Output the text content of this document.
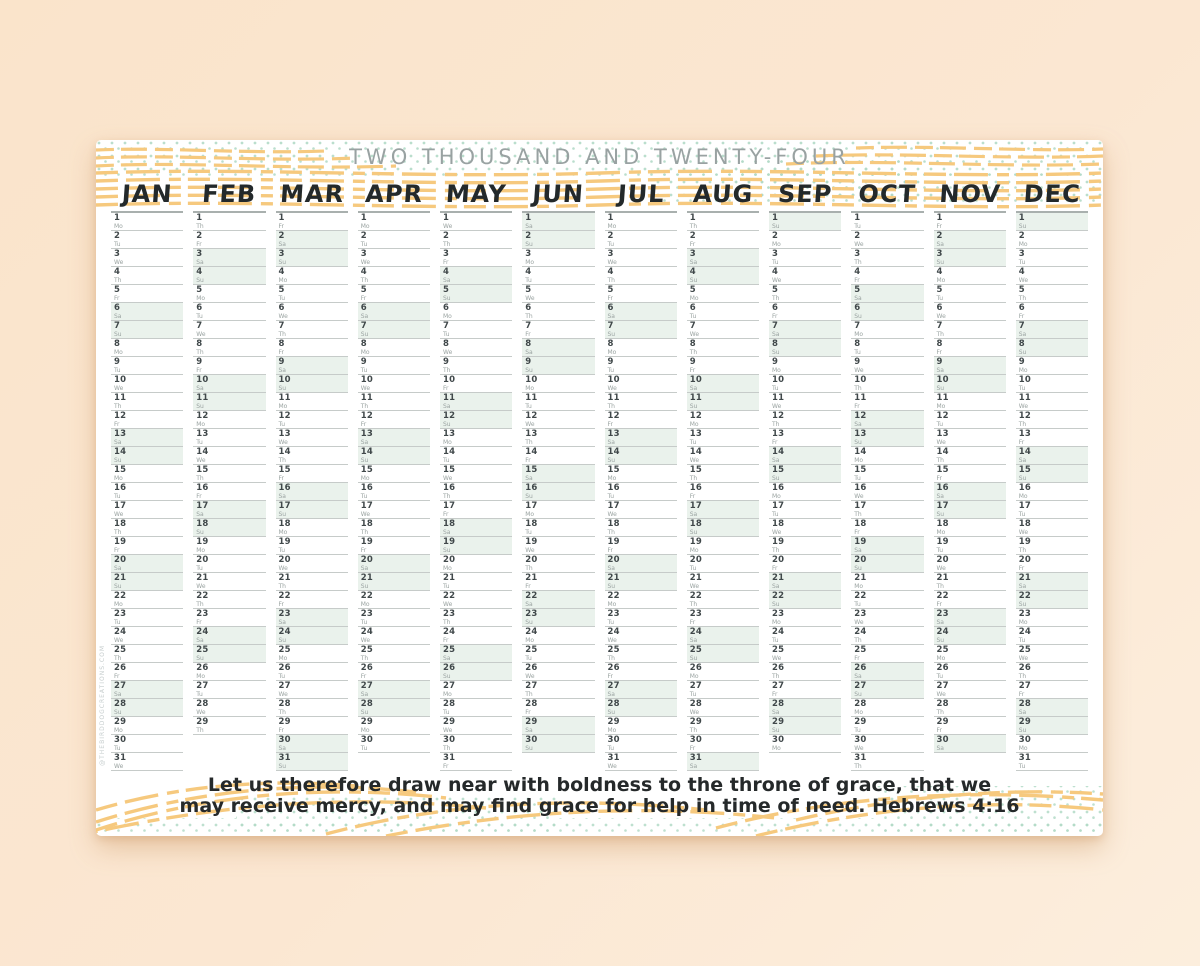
TWO THOUSAND AND TWENTY-FOUR
JAN
1
Mo
2
Tu
3
We
4
Th
5
Fr
6
Sa
7
Su
8
Mo
9
Tu
10
We
11
Th
12
Fr
13
Sa
14
Su
15
Mo
16
Tu
17
We
18
Th
19
Fr
20
Sa
21
Su
22
Mo
23
Tu
24
We
25
Th
26
Fr
27
Sa
28
Su
29
Mo
30
Tu
31
We
FEB
1
Th
2
Fr
3
Sa
4
Su
5
Mo
6
Tu
7
We
8
Th
9
Fr
10
Sa
11
Su
12
Mo
13
Tu
14
We
15
Th
16
Fr
17
Sa
18
Su
19
Mo
20
Tu
21
We
22
Th
23
Fr
24
Sa
25
Su
26
Mo
27
Tu
28
We
29
Th
MAR
1
Fr
2
Sa
3
Su
4
Mo
5
Tu
6
We
7
Th
8
Fr
9
Sa
10
Su
11
Mo
12
Tu
13
We
14
Th
15
Fr
16
Sa
17
Su
18
Mo
19
Tu
20
We
21
Th
22
Fr
23
Sa
24
Su
25
Mo
26
Tu
27
We
28
Th
29
Fr
30
Sa
31
Su
APR
1
Mo
2
Tu
3
We
4
Th
5
Fr
6
Sa
7
Su
8
Mo
9
Tu
10
We
11
Th
12
Fr
13
Sa
14
Su
15
Mo
16
Tu
17
We
18
Th
19
Fr
20
Sa
21
Su
22
Mo
23
Tu
24
We
25
Th
26
Fr
27
Sa
28
Su
29
Mo
30
Tu
MAY
1
We
2
Th
3
Fr
4
Sa
5
Su
6
Mo
7
Tu
8
We
9
Th
10
Fr
11
Sa
12
Su
13
Mo
14
Tu
15
We
16
Th
17
Fr
18
Sa
19
Su
20
Mo
21
Tu
22
We
23
Th
24
Fr
25
Sa
26
Su
27
Mo
28
Tu
29
We
30
Th
31
Fr
JUN
1
Sa
2
Su
3
Mo
4
Tu
5
We
6
Th
7
Fr
8
Sa
9
Su
10
Mo
11
Tu
12
We
13
Th
14
Fr
15
Sa
16
Su
17
Mo
18
Tu
19
We
20
Th
21
Fr
22
Sa
23
Su
24
Mo
25
Tu
26
We
27
Th
28
Fr
29
Sa
30
Su
JUL
1
Mo
2
Tu
3
We
4
Th
5
Fr
6
Sa
7
Su
8
Mo
9
Tu
10
We
11
Th
12
Fr
13
Sa
14
Su
15
Mo
16
Tu
17
We
18
Th
19
Fr
20
Sa
21
Su
22
Mo
23
Tu
24
We
25
Th
26
Fr
27
Sa
28
Su
29
Mo
30
Tu
31
We
AUG
1
Th
2
Fr
3
Sa
4
Su
5
Mo
6
Tu
7
We
8
Th
9
Fr
10
Sa
11
Su
12
Mo
13
Tu
14
We
15
Th
16
Fr
17
Sa
18
Su
19
Mo
20
Tu
21
We
22
Th
23
Fr
24
Sa
25
Su
26
Mo
27
Tu
28
We
29
Th
30
Fr
31
Sa
SEP
1
Su
2
Mo
3
Tu
4
We
5
Th
6
Fr
7
Sa
8
Su
9
Mo
10
Tu
11
We
12
Th
13
Fr
14
Sa
15
Su
16
Mo
17
Tu
18
We
19
Th
20
Fr
21
Sa
22
Su
23
Mo
24
Tu
25
We
26
Th
27
Fr
28
Sa
29
Su
30
Mo
OCT
1
Tu
2
We
3
Th
4
Fr
5
Sa
6
Su
7
Mo
8
Tu
9
We
10
Th
11
Fr
12
Sa
13
Su
14
Mo
15
Tu
16
We
17
Th
18
Fr
19
Sa
20
Su
21
Mo
22
Tu
23
We
24
Th
25
Fr
26
Sa
27
Su
28
Mo
29
Tu
30
We
31
Th
NOV
1
Fr
2
Sa
3
Su
4
Mo
5
Tu
6
We
7
Th
8
Fr
9
Sa
10
Su
11
Mo
12
Tu
13
We
14
Th
15
Fr
16
Sa
17
Su
18
Mo
19
Tu
20
We
21
Th
22
Fr
23
Sa
24
Su
25
Mo
26
Tu
27
We
28
Th
29
Fr
30
Sa
DEC
1
Su
2
Mo
3
Tu
4
We
5
Th
6
Fr
7
Sa
8
Su
9
Mo
10
Tu
11
We
12
Th
13
Fr
14
Sa
15
Su
16
Mo
17
Tu
18
We
19
Th
20
Fr
21
Sa
22
Su
23
Mo
24
Tu
25
We
26
Th
27
Fr
28
Sa
29
Su
30
Mo
31
Tu
Let us therefore draw near with boldness to the throne of grace, that we
may receive mercy, and may find grace for help in time of need. Hebrews 4:16
@THEBIRDDOGCREATIONS.COM
